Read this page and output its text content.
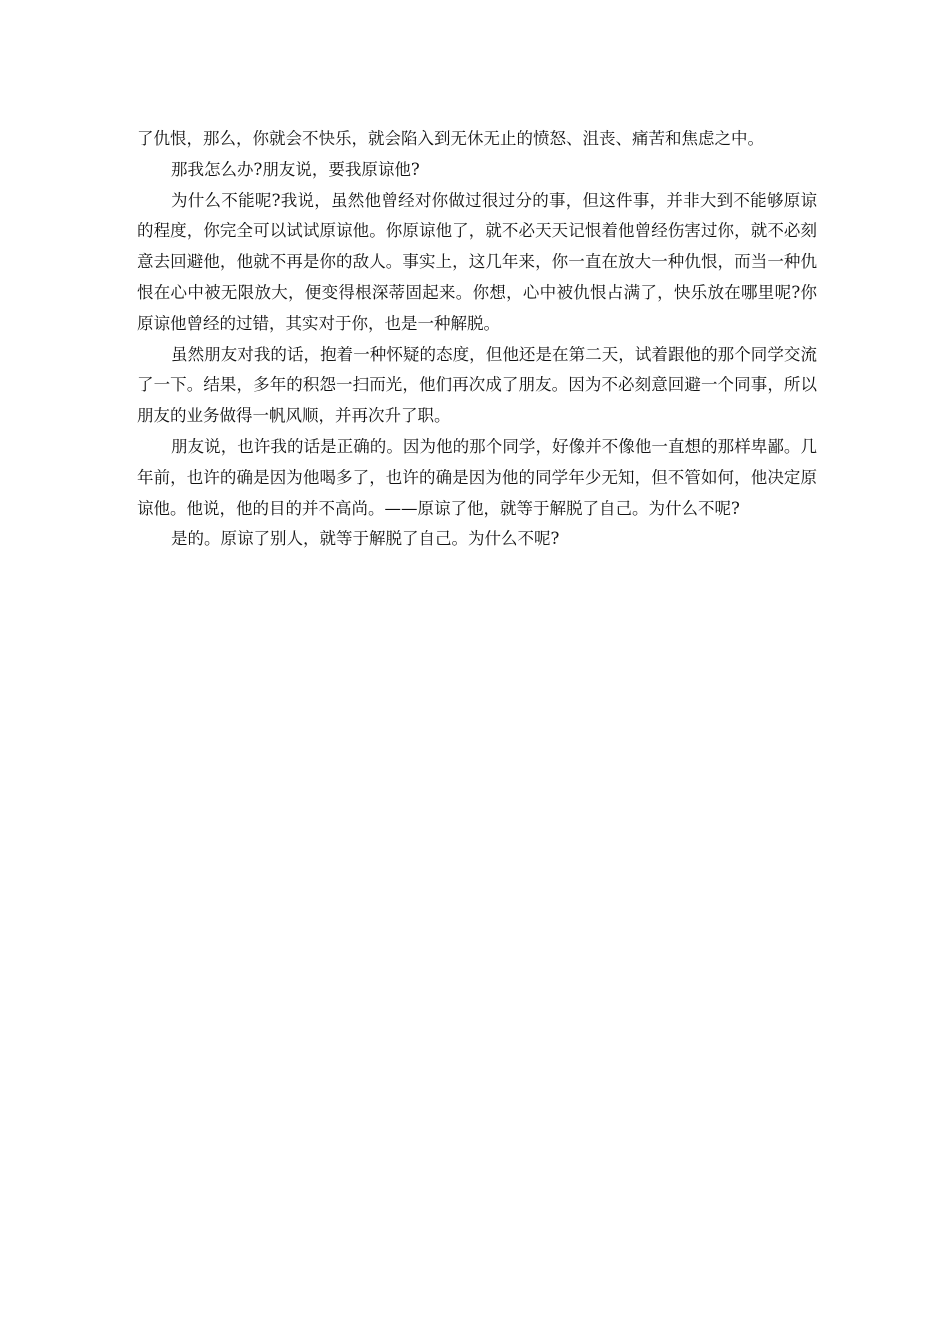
了仇恨，那么，你就会不快乐，就会陷入到无休无止的愤怒、沮丧、痛苦和焦虑之中。

那我怎么办?朋友说，要我原谅他?

为什么不能呢?我说，虽然他曾经对你做过很过分的事，但这件事，并非大到不能够原谅的程度，你完全可以试试原谅他。你原谅他了，就不必天天记恨着他曾经伤害过你，就不必刻意去回避他，他就不再是你的敌人。事实上，这几年来，你一直在放大一种仇恨，而当一种仇恨在心中被无限放大，便变得根深蒂固起来。你想，心中被仇恨占满了，快乐放在哪里呢?你原谅他曾经的过错，其实对于你，也是一种解脱。

虽然朋友对我的话，抱着一种怀疑的态度，但他还是在第二天，试着跟他的那个同学交流了一下。结果，多年的积怨一扫而光，他们再次成了朋友。因为不必刻意回避一个同事，所以朋友的业务做得一帆风顺，并再次升了职。

朋友说，也许我的话是正确的。因为他的那个同学，好像并不像他一直想的那样卑鄙。几年前，也许的确是因为他喝多了，也许的确是因为他的同学年少无知，但不管如何，他决定原谅他。他说，他的目的并不高尚。——原谅了他，就等于解脱了自己。为什么不呢?

是的。原谅了别人，就等于解脱了自己。为什么不呢?
